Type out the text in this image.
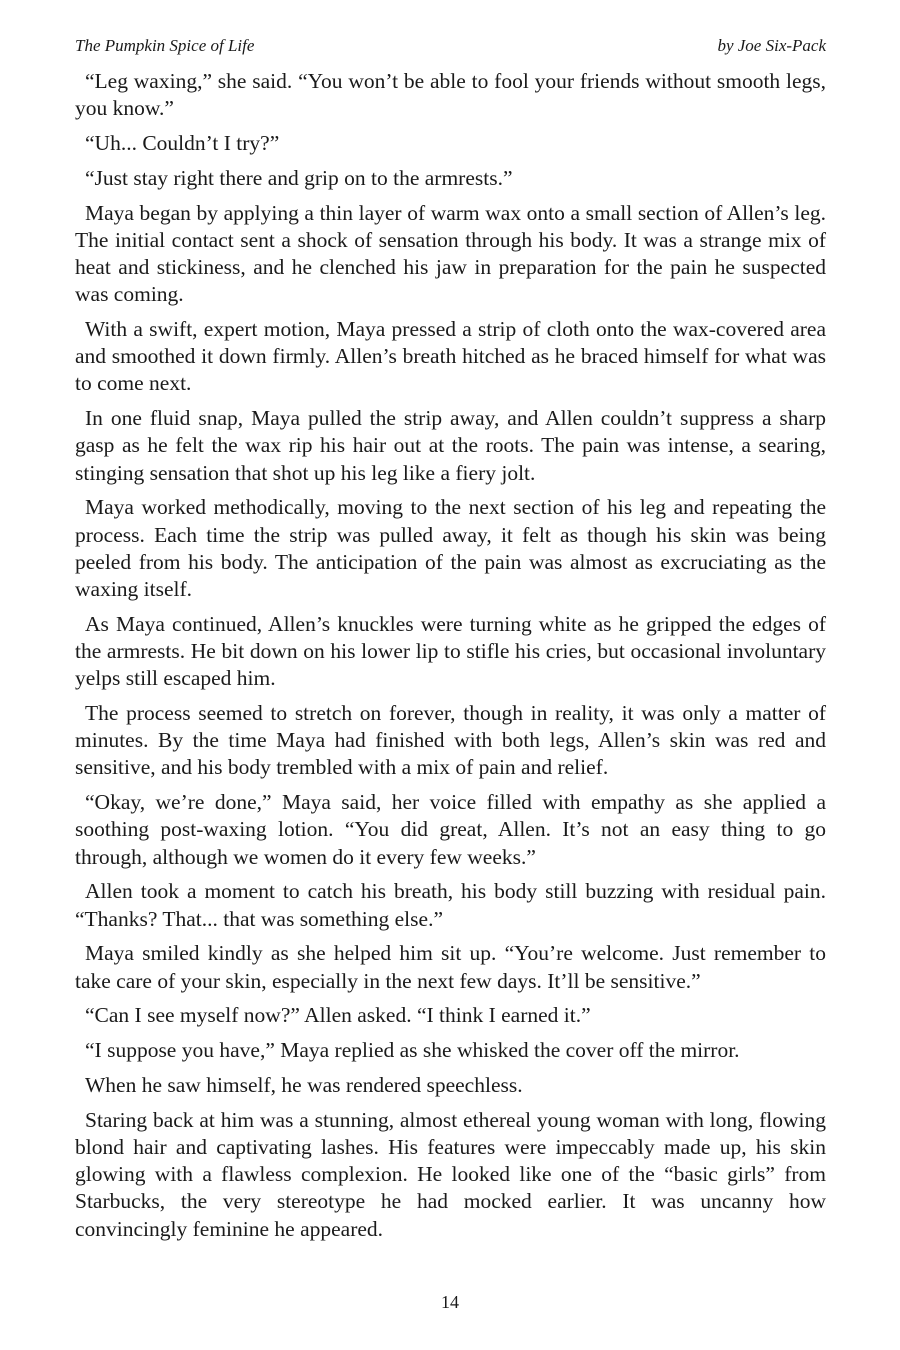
The Pumpkin Spice of Life	by Joe Six-Pack

“Leg waxing,” she said. “You won’t be able to fool your friends without smooth legs, you know.”

“Uh... Couldn’t I try?”

“Just stay right there and grip on to the armrests.”

Maya began by applying a thin layer of warm wax onto a small section of Allen’s leg. The initial contact sent a shock of sensation through his body. It was a strange mix of heat and stickiness, and he clenched his jaw in preparation for the pain he suspected was coming.

With a swift, expert motion, Maya pressed a strip of cloth onto the wax-covered area and smoothed it down firmly. Allen’s breath hitched as he braced himself for what was to come next.

In one fluid snap, Maya pulled the strip away, and Allen couldn’t suppress a sharp gasp as he felt the wax rip his hair out at the roots. The pain was intense, a searing, stinging sensation that shot up his leg like a fiery jolt.

Maya worked methodically, moving to the next section of his leg and repeating the process. Each time the strip was pulled away, it felt as though his skin was being peeled from his body. The anticipation of the pain was almost as excruciating as the waxing itself.

As Maya continued, Allen’s knuckles were turning white as he gripped the edges of the armrests. He bit down on his lower lip to stifle his cries, but occasional involuntary yelps still escaped him.

The process seemed to stretch on forever, though in reality, it was only a matter of minutes. By the time Maya had finished with both legs, Allen’s skin was red and sensitive, and his body trembled with a mix of pain and relief.

“Okay, we’re done,” Maya said, her voice filled with empathy as she applied a soothing post-waxing lotion. “You did great, Allen. It’s not an easy thing to go through, although we women do it every few weeks.”

Allen took a moment to catch his breath, his body still buzzing with residual pain. “Thanks? That... that was something else.”

Maya smiled kindly as she helped him sit up. “You’re welcome. Just remember to take care of your skin, especially in the next few days. It’ll be sensitive.”

“Can I see myself now?” Allen asked. “I think I earned it.”

“I suppose you have,” Maya replied as she whisked the cover off the mirror.

When he saw himself, he was rendered speechless.

Staring back at him was a stunning, almost ethereal young woman with long, flowing blond hair and captivating lashes. His features were impeccably made up, his skin glowing with a flawless complexion. He looked like one of the “basic girls” from Starbucks, the very stereotype he had mocked earlier. It was uncanny how convincingly feminine he appeared.

14
